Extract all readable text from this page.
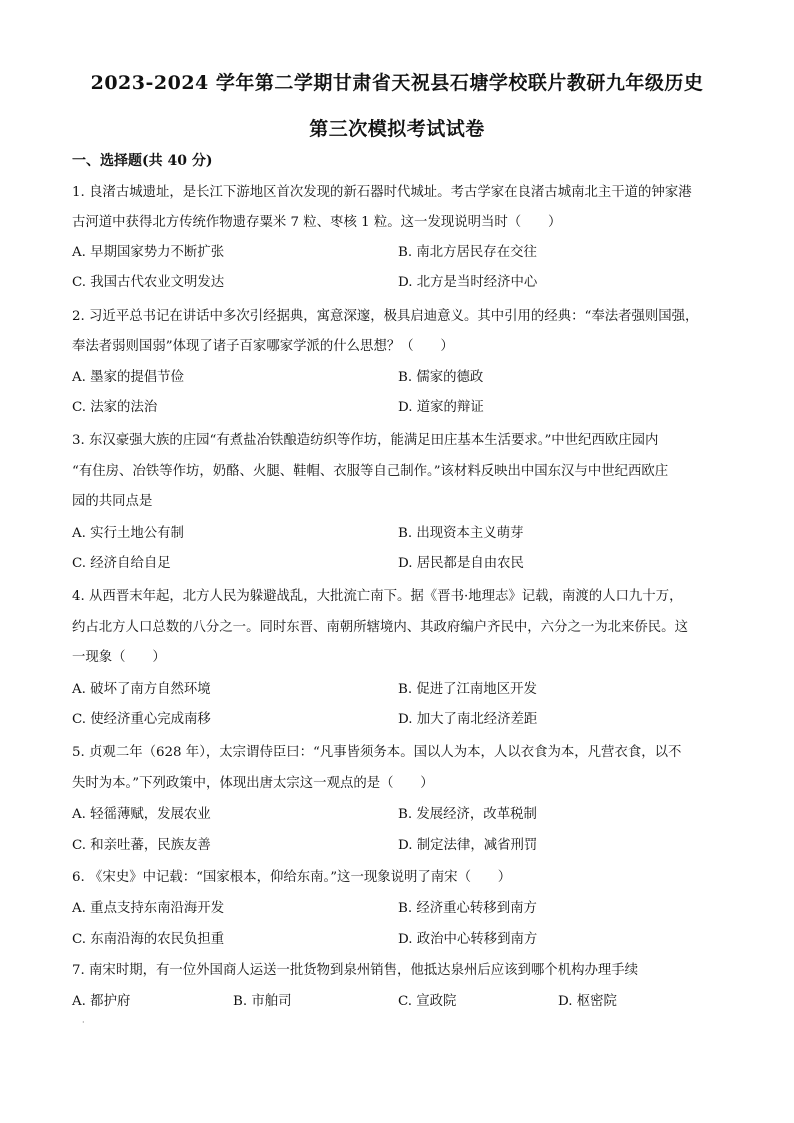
2023-2024 学年第二学期甘肃省天祝县石塘学校联片教研九年级历史
第三次模拟考试试卷
一、选择题(共 40 分)
1. 良渚古城遗址，是长江下游地区首次发现的新石器时代城址。考古学家在良渚古城南北主干道的钟家港
古河道中获得北方传统作物遗存粟米 7 粒、枣核 1 粒。这一发现说明当时（　　）
A. 早期国家势力不断扩张	B. 南北方居民存在交往
C. 我国古代农业文明发达	D. 北方是当时经济中心
2. 习近平总书记在讲话中多次引经据典，寓意深邃，极具启迪意义。其中引用的经典：“奉法者强则国强，
奉法者弱则国弱”体现了诸子百家哪家学派的什么思想？（　　）
A. 墨家的提倡节俭	B. 儒家的德政
C. 法家的法治	D. 道家的辩证
3. 东汉豪强大族的庄园“有煮盐冶铁酿造纺织等作坊，能满足田庄基本生活要求。”中世纪西欧庄园内
“有住房、冶铁等作坊，奶酪、火腿、鞋帽、衣服等自己制作。”该材料反映出中国东汉与中世纪西欧庄
园的共同点是
A. 实行土地公有制	B. 出现资本主义萌芽
C. 经济自给自足	D. 居民都是自由农民
4. 从西晋末年起，北方人民为躲避战乱，大批流亡南下。据《晋书·地理志》记载，南渡的人口九十万，
约占北方人口总数的八分之一。同时东晋、南朝所辖境内、其政府编户齐民中，六分之一为北来侨民。这
一现象（　　）
A. 破坏了南方自然环境	B. 促进了江南地区开发
C. 使经济重心完成南移	D. 加大了南北经济差距
5. 贞观二年（628 年），太宗谓侍臣曰：“凡事皆须务本。国以人为本，人以衣食为本，凡营衣食，以不
失时为本。”下列政策中，体现出唐太宗这一观点的是（　　）
A. 轻徭薄赋，发展农业	B. 发展经济，改革税制
C. 和亲吐蕃，民族友善	D. 制定法律，减省刑罚
6. 《宋史》中记载：“国家根本，仰给东南。”这一现象说明了南宋（　　）
A. 重点支持东南沿海开发	B. 经济重心转移到南方
C. 东南沿海的农民负担重	D. 政治中心转移到南方
7. 南宋时期，有一位外国商人运送一批货物到泉州销售，他抵达泉州后应该到哪个机构办理手续
A. 都护府	B. 市舶司	C. 宣政院	D. 枢密院
·
